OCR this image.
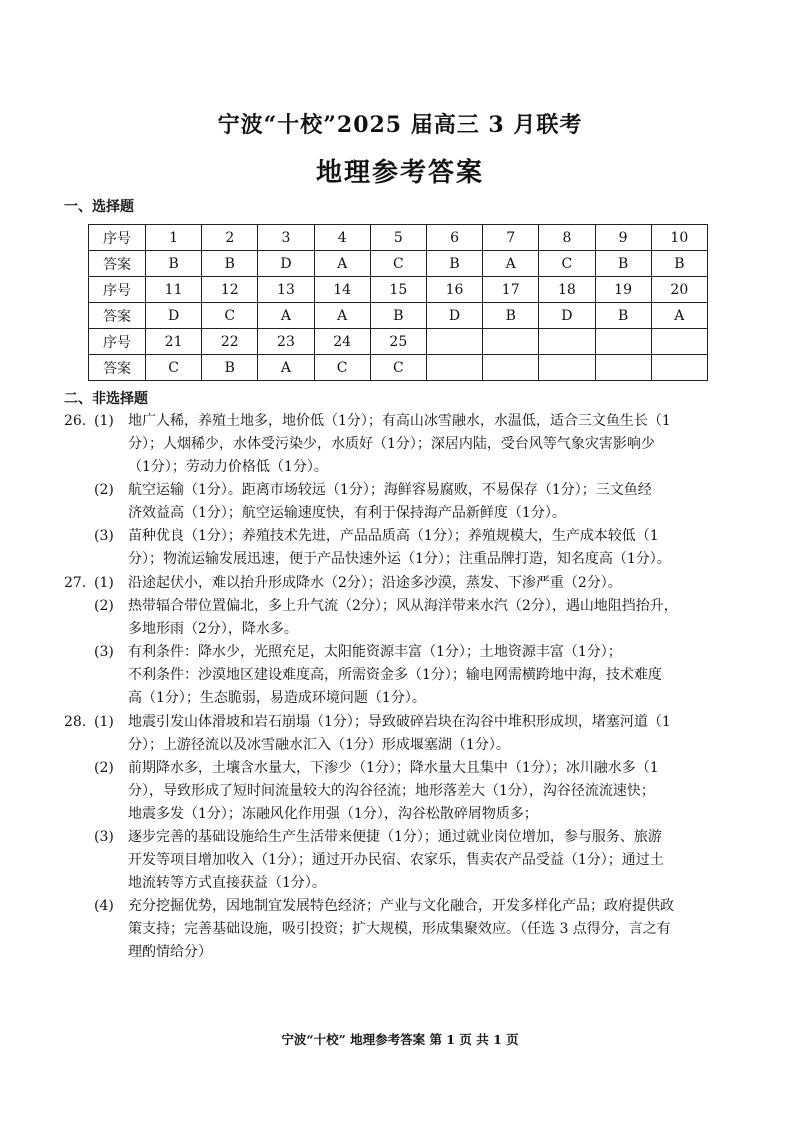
宁波“十校”2025 届高三 3 月联考
地理参考答案
一、选择题
序号	1	2	3	4	5	6	7	8	9	10
答案	B	B	D	A	C	B	A	C	B	B
序号	11	12	13	14	15	16	17	18	19	20
答案	D	C	A	A	B	D	B	D	B	A
序号	21	22	23	24	25					
答案	C	B	A	C	C					
二、非选择题
26. (1) 地广人稀，养殖土地多，地价低（1分）；有高山冰雪融水，水温低，适合三文鱼生长（1
分）；人烟稀少，水体受污染少，水质好（1分）；深居内陆，受台风等气象灾害影响少
（1分）；劳动力价格低（1分）。
(2) 航空运输（1分）。距离市场较远（1分）；海鲜容易腐败，不易保存（1分）；三文鱼经
济效益高（1分）；航空运输速度快，有利于保持海产品新鲜度（1分）。
(3) 苗种优良（1分）；养殖技术先进，产品品质高（1分）；养殖规模大，生产成本较低（1
分）；物流运输发展迅速，便于产品快速外运（1分）；注重品牌打造，知名度高（1分）。
27. (1) 沿途起伏小，难以抬升形成降水（2分）；沿途多沙漠，蒸发、下渗严重（2分）。
(2) 热带辐合带位置偏北，多上升气流（2分）；风从海洋带来水汽（2分），遇山地阻挡抬升，
多地形雨（2分），降水多。
(3) 有利条件：降水少，光照充足，太阳能资源丰富（1分）；土地资源丰富（1分）；
不利条件：沙漠地区建设难度高，所需资金多（1分）；输电网需横跨地中海，技术难度
高（1分）；生态脆弱，易造成环境问题（1分）。
28. (1) 地震引发山体滑坡和岩石崩塌（1分）；导致破碎岩块在沟谷中堆积形成坝，堵塞河道（1
分）；上游径流以及冰雪融水汇入（1分）形成堰塞湖（1分）。
(2) 前期降水多，土壤含水量大，下渗少（1分）；降水量大且集中（1分）；冰川融水多（1
分），导致形成了短时间流量较大的沟谷径流；地形落差大（1分），沟谷径流流速快；
地震多发（1分）；冻融风化作用强（1分），沟谷松散碎屑物质多；
(3) 逐步完善的基础设施给生产生活带来便捷（1分）；通过就业岗位增加，参与服务、旅游
开发等项目增加收入（1分）；通过开办民宿、农家乐，售卖农产品受益（1分）；通过土
地流转等方式直接获益（1分）。
(4) 充分挖掘优势，因地制宜发展特色经济；产业与文化融合，开发多样化产品；政府提供政
策支持；完善基础设施，吸引投资；扩大规模，形成集聚效应。（任选 3 点得分，言之有
理酌情给分）
宁波“十校” 地理参考答案 第 1 页 共 1 页
